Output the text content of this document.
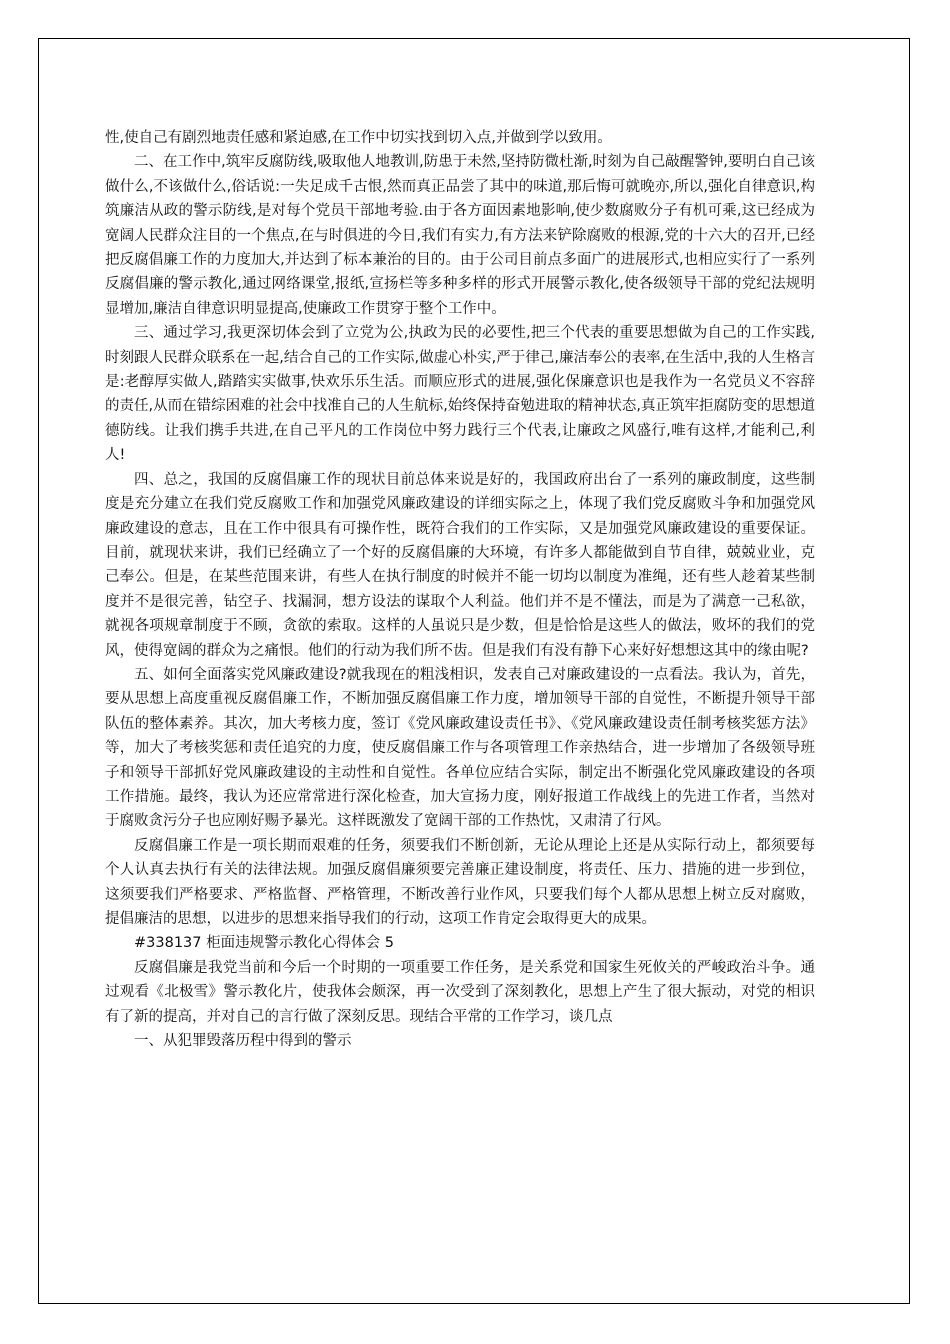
性,使自己有剧烈地责任感和紧迫感,在工作中切实找到切入点,并做到学以致用。

二、在工作中,筑牢反腐防线,吸取他人地教训,防患于未然,坚持防微杜渐,时刻为自己敲醒警钟,要明白自己该做什么,不该做什么,俗话说:一失足成千古恨,然而真正品尝了其中的味道,那后悔可就晚亦,所以,强化自律意识,构筑廉洁从政的警示防线,是对每个党员干部地考验.由于各方面因素地影响,使少数腐败分子有机可乘,这已经成为宽阔人民群众注目的一个焦点,在与时俱进的今日,我们有实力,有方法来铲除腐败的根源,党的十六大的召开,已经把反腐倡廉工作的力度加大,并达到了标本兼治的目的。由于公司目前点多面广的进展形式,也相应实行了一系列反腐倡廉的警示教化,通过网络课堂,报纸,宣扬栏等多种多样的形式开展警示教化,使各级领导干部的党纪法规明显增加,廉洁自律意识明显提高,使廉政工作贯穿于整个工作中。

三、通过学习,我更深切体会到了立党为公,执政为民的必要性,把三个代表的重要思想做为自己的工作实践,时刻跟人民群众联系在一起,结合自己的工作实际,做虚心朴实,严于律己,廉洁奉公的表率,在生活中,我的人生格言是:老醇厚实做人,踏踏实实做事,快欢乐乐生活。而顺应形式的进展,强化保廉意识也是我作为一名党员义不容辞的责任,从而在错综困难的社会中找准自己的人生航标,始终保持奋勉进取的精神状态,真正筑牢拒腐防变的思想道德防线。让我们携手共进,在自己平凡的工作岗位中努力践行三个代表,让廉政之风盛行,唯有这样,才能利己,利人!

四、总之，我国的反腐倡廉工作的现状目前总体来说是好的，我国政府出台了一系列的廉政制度，这些制度是充分建立在我们党反腐败工作和加强党风廉政建设的详细实际之上，体现了我们党反腐败斗争和加强党风廉政建设的意志，且在工作中很具有可操作性，既符合我们的工作实际，又是加强党风廉政建设的重要保证。目前，就现状来讲，我们已经确立了一个好的反腐倡廉的大环境，有许多人都能做到自节自律，兢兢业业，克己奉公。但是，在某些范围来讲，有些人在执行制度的时候并不能一切均以制度为准绳，还有些人趁着某些制度并不是很完善，钻空子、找漏洞，想方设法的谋取个人利益。他们并不是不懂法，而是为了满意一己私欲，就视各项规章制度于不顾，贪欲的索取。这样的人虽说只是少数，但是恰恰是这些人的做法，败坏的我们的党风，使得宽阔的群众为之痛恨。他们的行动为我们所不齿。但是我们有没有静下心来好好想想这其中的缘由呢?

五、如何全面落实党风廉政建设?就我现在的粗浅相识，发表自己对廉政建设的一点看法。我认为，首先，要从思想上高度重视反腐倡廉工作，不断加强反腐倡廉工作力度，增加领导干部的自觉性，不断提升领导干部队伍的整体素养。其次，加大考核力度，签订《党风廉政建设责任书》、《党风廉政建设责任制考核奖惩方法》等，加大了考核奖惩和责任追究的力度，使反腐倡廉工作与各项管理工作亲热结合，进一步增加了各级领导班子和领导干部抓好党风廉政建设的主动性和自觉性。各单位应结合实际，制定出不断强化党风廉政建设的各项工作措施。最终，我认为还应常常进行深化检查，加大宣扬力度，刚好报道工作战线上的先进工作者，当然对于腐败贪污分子也应刚好赐予暴光。这样既激发了宽阔干部的工作热忱，又肃清了行风。

反腐倡廉工作是一项长期而艰难的任务，须要我们不断创新，无论从理论上还是从实际行动上，都须要每个人认真去执行有关的法律法规。加强反腐倡廉须要完善廉正建设制度，将责任、压力、措施的进一步到位，这须要我们严格要求、严格监督、严格管理，不断改善行业作风，只要我们每个人都从思想上树立反对腐败，提倡廉洁的思想，以进步的思想来指导我们的行动，这项工作肯定会取得更大的成果。

#338137 柜面违规警示教化心得体会 5

反腐倡廉是我党当前和今后一个时期的一项重要工作任务，是关系党和国家生死攸关的严峻政治斗争。通过观看《北极雪》警示教化片，使我体会颇深，再一次受到了深刻教化，思想上产生了很大振动，对党的相识有了新的提高，并对自己的言行做了深刻反思。现结合平常的工作学习，谈几点

一、从犯罪毁落历程中得到的警示
